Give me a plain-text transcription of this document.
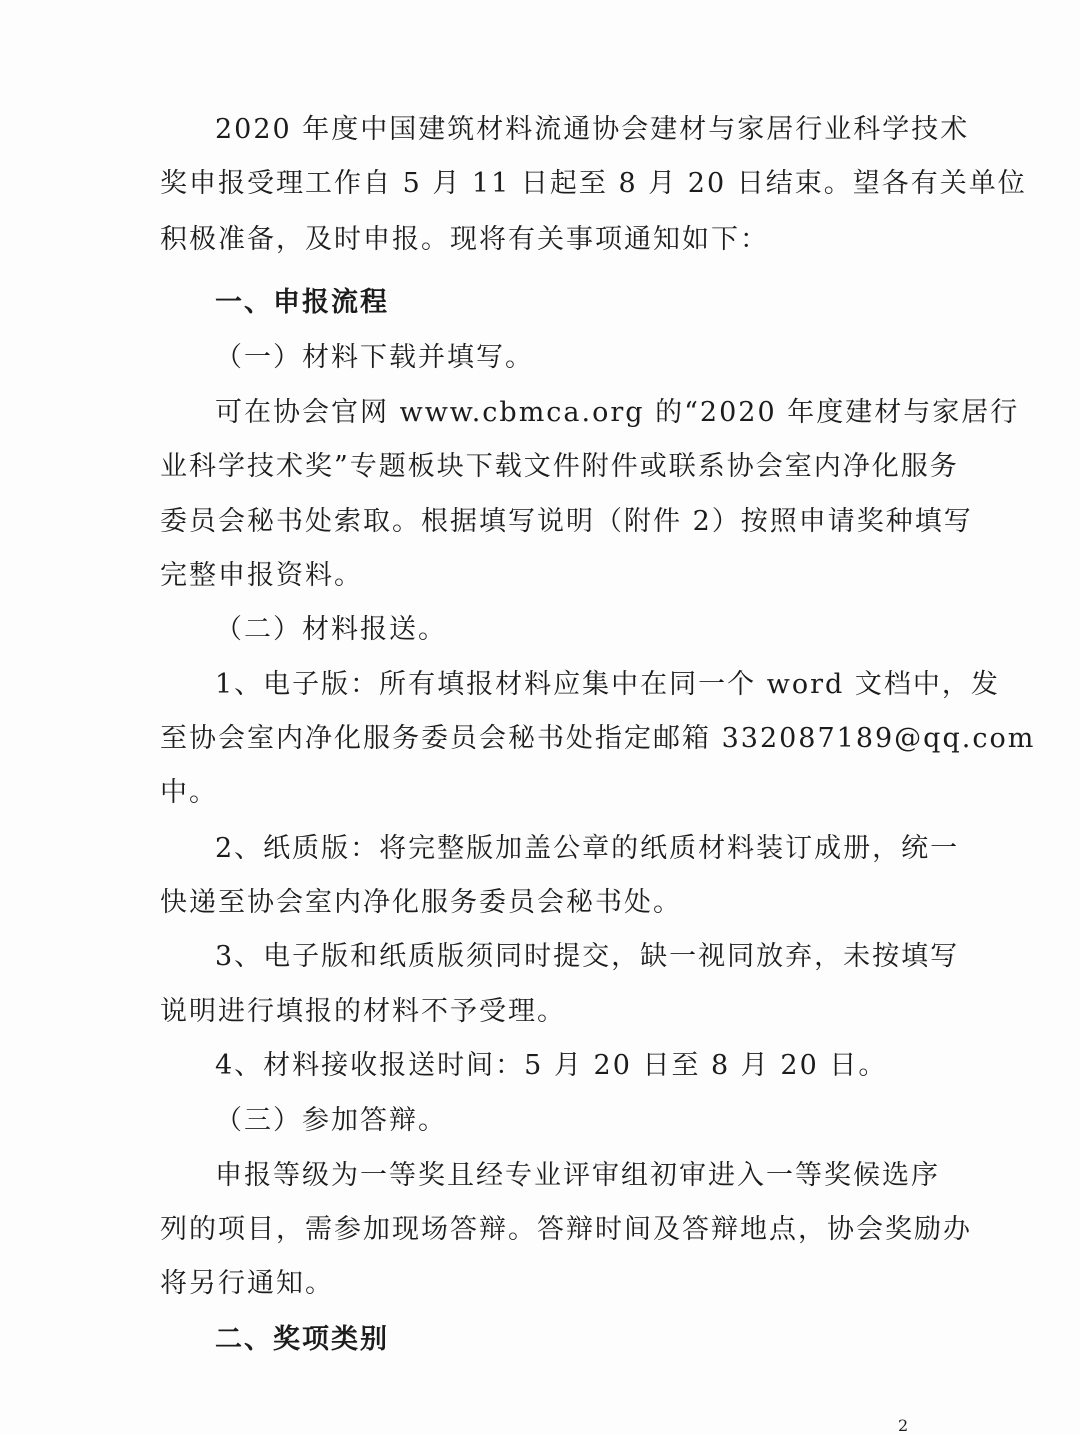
2020 年度中国建筑材料流通协会建材与家居行业科学技术
奖申报受理工作自 5 月 11 日起至 8 月 20 日结束。望各有关单位
积极准备，及时申报。现将有关事项通知如下：
一、申报流程
（一）材料下载并填写。
可在协会官网 www.cbmca.org 的“2020 年度建材与家居行
业科学技术奖”专题板块下载文件附件或联系协会室内净化服务
委员会秘书处索取。根据填写说明（附件 2）按照申请奖种填写
完整申报资料。
（二）材料报送。
1、电子版：所有填报材料应集中在同一个 word 文档中，发
至协会室内净化服务委员会秘书处指定邮箱 332087189@qq.com
中。
2、纸质版：将完整版加盖公章的纸质材料装订成册，统一
快递至协会室内净化服务委员会秘书处。
3、电子版和纸质版须同时提交，缺一视同放弃，未按填写
说明进行填报的材料不予受理。
4、材料接收报送时间：5 月 20 日至 8 月 20 日。
（三）参加答辩。
申报等级为一等奖且经专业评审组初审进入一等奖候选序
列的项目，需参加现场答辩。答辩时间及答辩地点，协会奖励办
将另行通知。
二、奖项类别
2
